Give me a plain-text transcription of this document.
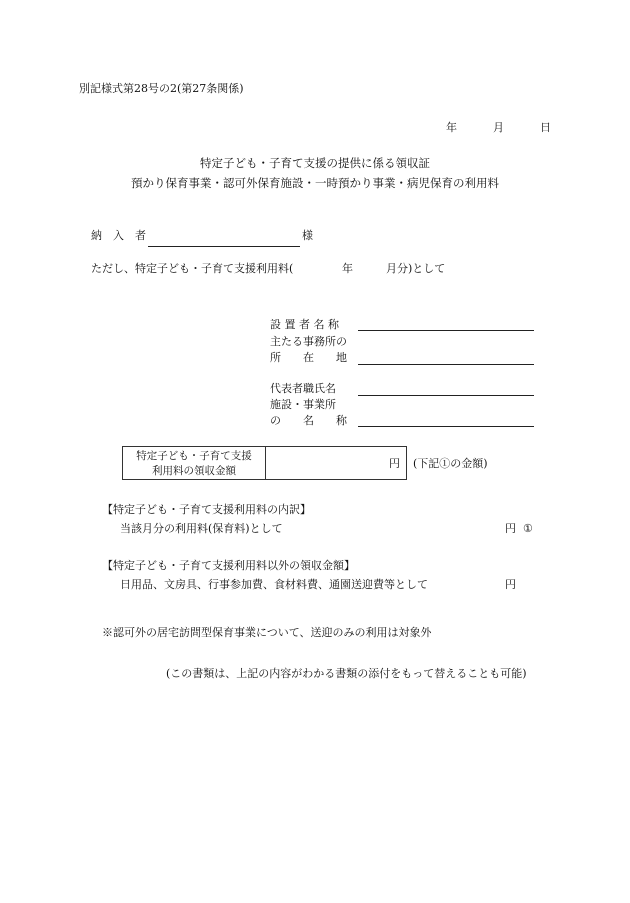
別記様式第28号の2(第27条関係)
年	月	日
特定子ども・子育て支援の提供に係る領収証
預かり保育事業・認可外保育施設・一時預かり事業・病児保育の利用料
納　入　者	様
ただし、特定子ども・子育て支援利用料(	年	月分)として
設 置 者 名 称
主たる事務所の
所　　在　　地
代表者職氏名
施設・事業所
の　　名　　称
特定子ども・子育て支援
利用料の領収金額
円 (下記①の金額)
【特定子ども・子育て支援利用料の内訳】
当該月分の利用料(保育料)として	円 ①
【特定子ども・子育て支援利用料以外の領収金額】
日用品、文房具、行事参加費、食材料費、通園送迎費等として	円
※認可外の居宅訪問型保育事業について、送迎のみの利用は対象外
(この書類は、上記の内容がわかる書類の添付をもって替えることも可能)
